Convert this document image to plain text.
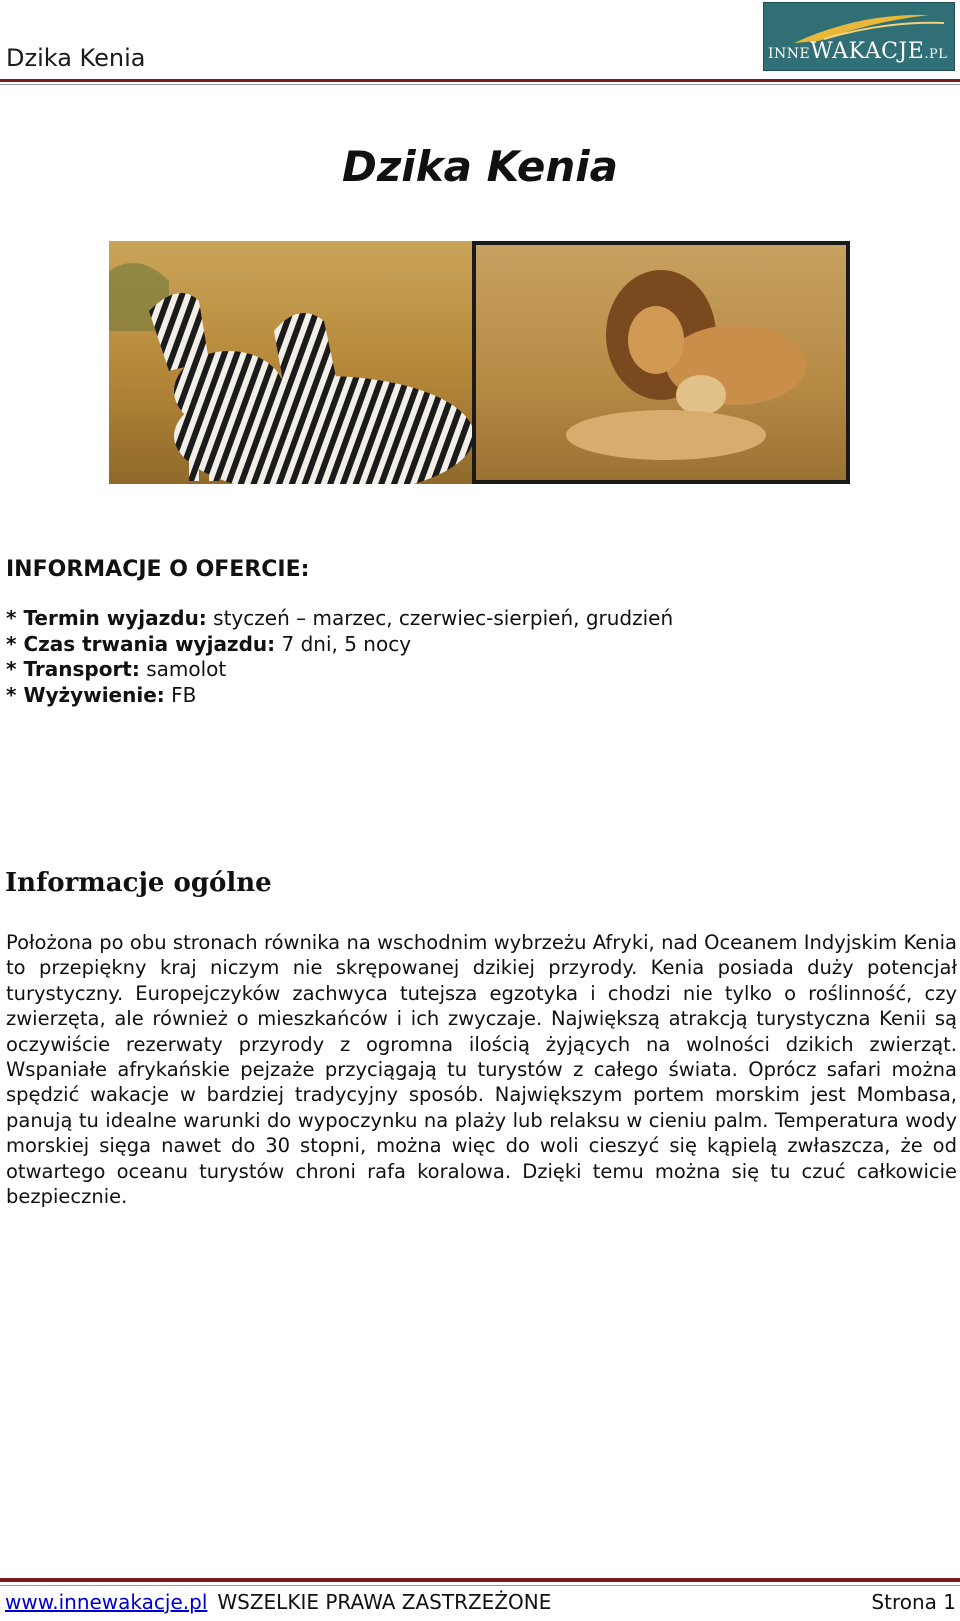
Dzika Kenia	INNEWAKACJE.PL
Dzika Kenia
INFORMACJE O OFERCIE:
* Termin wyjazdu: styczeń – marzec, czerwiec-sierpień, grudzień
* Czas trwania wyjazdu: 7 dni, 5 nocy
* Transport: samolot
* Wyżywienie: FB
Informacje ogólne

Położona po obu stronach równika na wschodnim wybrzeżu Afryki, nad Oceanem Indyjskim Kenia to przepiękny kraj niczym nie skrępowanej dzikiej przyrody. Kenia posiada duży potencjał turystyczny. Europejczyków zachwyca tutejsza egzotyka i chodzi nie tylko o roślinność, czy zwierzęta, ale również o mieszkańców i ich zwyczaje. Największą atrakcją turystyczna Kenii są oczywiście rezerwaty przyrody z ogromna ilością żyjących na wolności dzikich zwierząt. Wspaniałe afrykańskie pejzaże przyciągają tu turystów z całego świata. Oprócz safari można spędzić wakacje w bardziej tradycyjny sposób. Największym portem morskim jest Mombasa, panują tu idealne warunki do wypoczynku na plaży lub relaksu w cieniu palm. Temperatura wody morskiej sięga nawet do 30 stopni, można więc do woli cieszyć się kąpielą zwłaszcza, że od otwartego oceanu turystów chroni rafa koralowa. Dzięki temu można się tu czuć całkowicie bezpiecznie.

www.innewakacje.pl WSZELKIE PRAWA ZASTRZEŻONE	Strona 1
